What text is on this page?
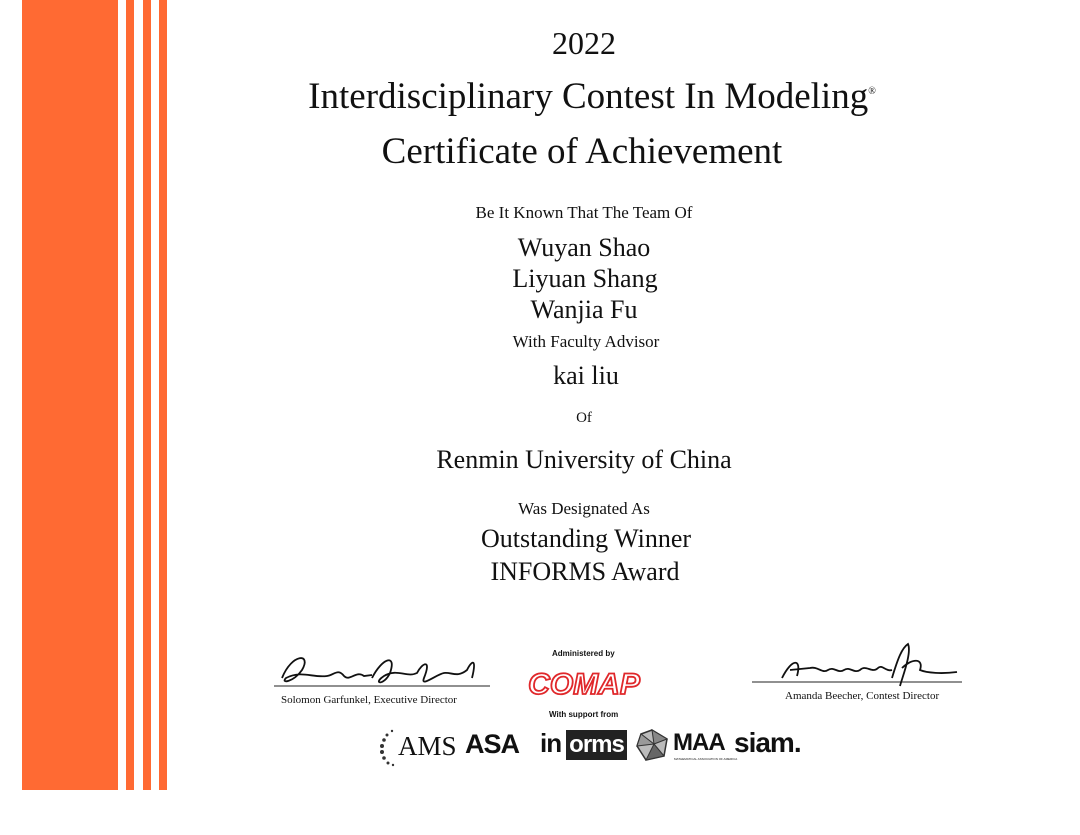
2022
Interdisciplinary Contest In Modeling®
Certificate of Achievement
Be It Known That The Team Of
Wuyan Shao
Liyuan Shang
Wanjia Fu
With Faculty Advisor
kai liu
Of
Renmin University of China
Was Designated As
Outstanding Winner
INFORMS Award
Solomon Garfunkel, Executive Director	Amanda Beecher, Contest Director
Administered by
COMAP
With support from
AMS ASA in orms MAA
MATHEMATICAL ASSOCIATION OF AMERICA
siam.
